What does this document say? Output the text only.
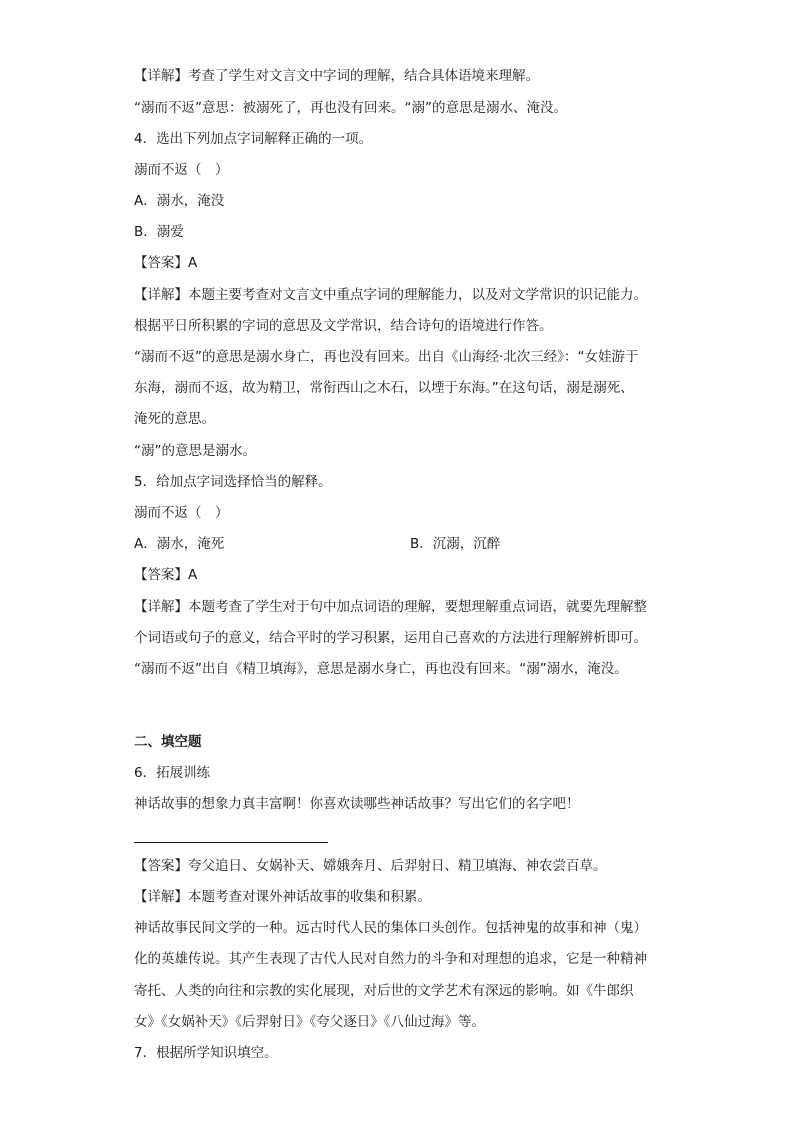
【详解】考查了学生对文言文中字词的理解，结合具体语境来理解。
“溺而不返”意思：被溺死了，再也没有回来。“溺”的意思是溺水、淹没。
4．选出下列加点字词解释正确的一项。
溺而不返（　）
A．溺水，淹没
B．溺爱
【答案】A
【详解】本题主要考查对文言文中重点字词的理解能力，以及对文学常识的识记能力。
根据平日所积累的字词的意思及文学常识，结合诗句的语境进行作答。
“溺而不返”的意思是溺水身亡，再也没有回来。出自《山海经·北次三经》：“女娃游于
东海，溺而不返，故为精卫，常衔西山之木石，以堙于东海。”在这句话，溺是溺死、
淹死的意思。
“溺”的意思是溺水。
5．给加点字词选择恰当的解释。
溺而不返（　）
A．溺水，淹死	B．沉溺，沉醉
【答案】A
【详解】本题考查了学生对于句中加点词语的理解，要想理解重点词语，就要先理解整
个词语或句子的意义，结合平时的学习积累，运用自己喜欢的方法进行理解辨析即可。
“溺而不返”出自《精卫填海》，意思是溺水身亡，再也没有回来。“溺”溺水，淹没。
二、填空题
6．拓展训练
神话故事的想象力真丰富啊！你喜欢读哪些神话故事？写出它们的名字吧！
【答案】夸父追日、女娲补天、嫦娥奔月、后羿射日、精卫填海、神农尝百草。
【详解】本题考查对课外神话故事的收集和积累。
神话故事民间文学的一种。远古时代人民的集体口头创作。包括神鬼的故事和神（鬼）
化的英雄传说。其产生表现了古代人民对自然力的斗争和对理想的追求，它是一种精神
寄托、人类的向往和宗教的实化展现，对后世的文学艺术有深远的影响。如《牛郎织
女》《女娲补天》《后羿射日》《夸父逐日》《八仙过海》等。
7．根据所学知识填空。
